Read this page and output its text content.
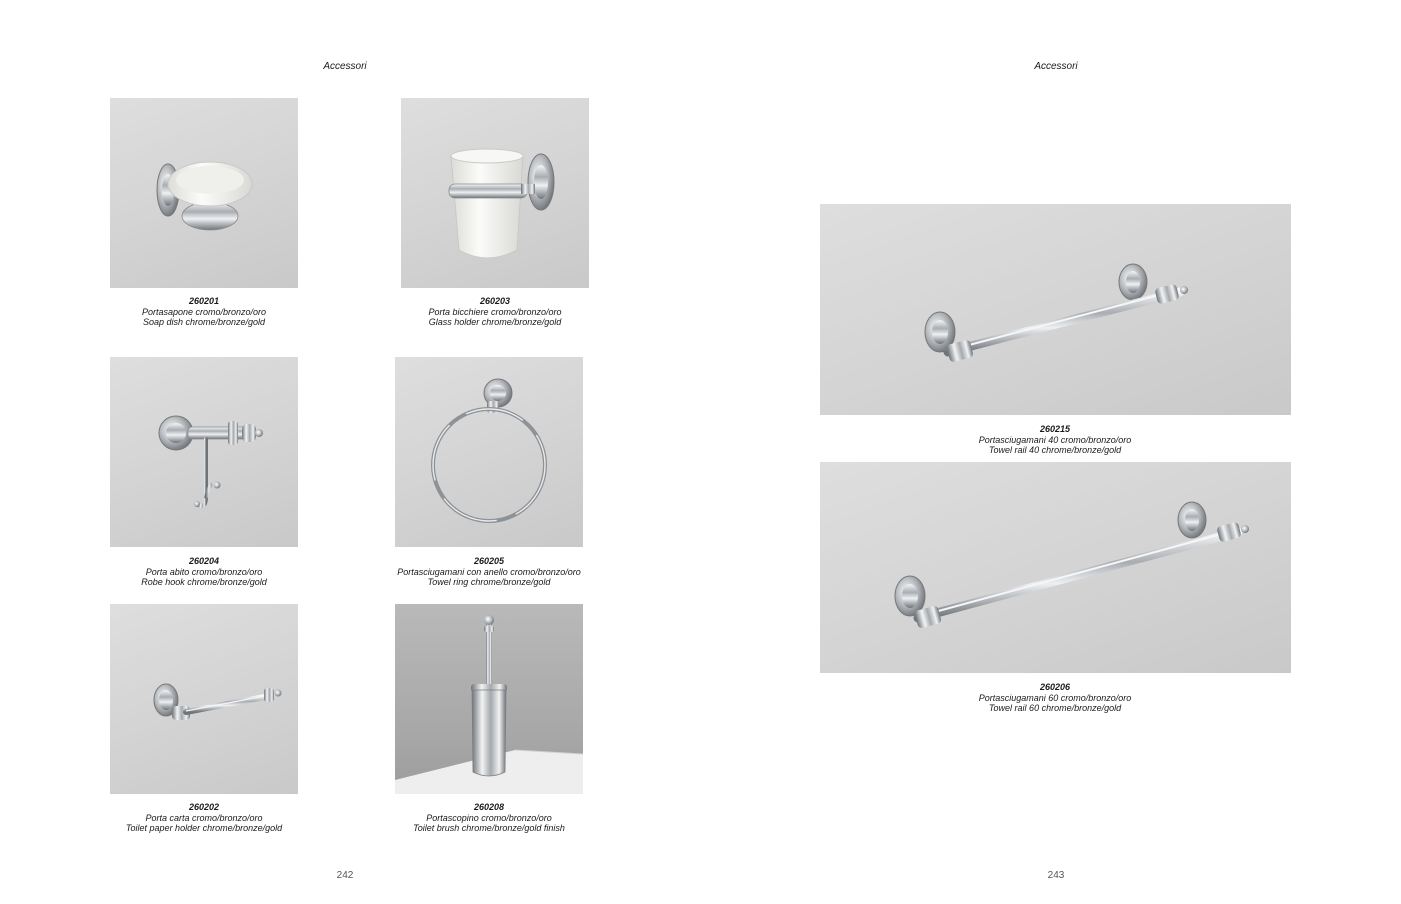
Accessori
260201
Portasapone cromo/bronzo/oro
Soap dish chrome/bronze/gold
260203
Porta bicchiere cromo/bronzo/oro
Glass holder chrome/bronze/gold
260204
Porta abito cromo/bronzo/oro
Robe hook chrome/bronze/gold
260205
Portasciugamani con anello cromo/bronzo/oro
Towel ring chrome/bronze/gold
260202
Porta carta cromo/bronzo/oro
Toilet paper holder chrome/bronze/gold
260208
Portascopino cromo/bronzo/oro
Toilet brush chrome/bronze/gold finish
242
Accessori
260215
Portasciugamani 40 cromo/bronzo/oro
Towel rail 40 chrome/bronze/gold
260206
Portasciugamani 60 cromo/bronzo/oro
Towel rail 60 chrome/bronze/gold
243
